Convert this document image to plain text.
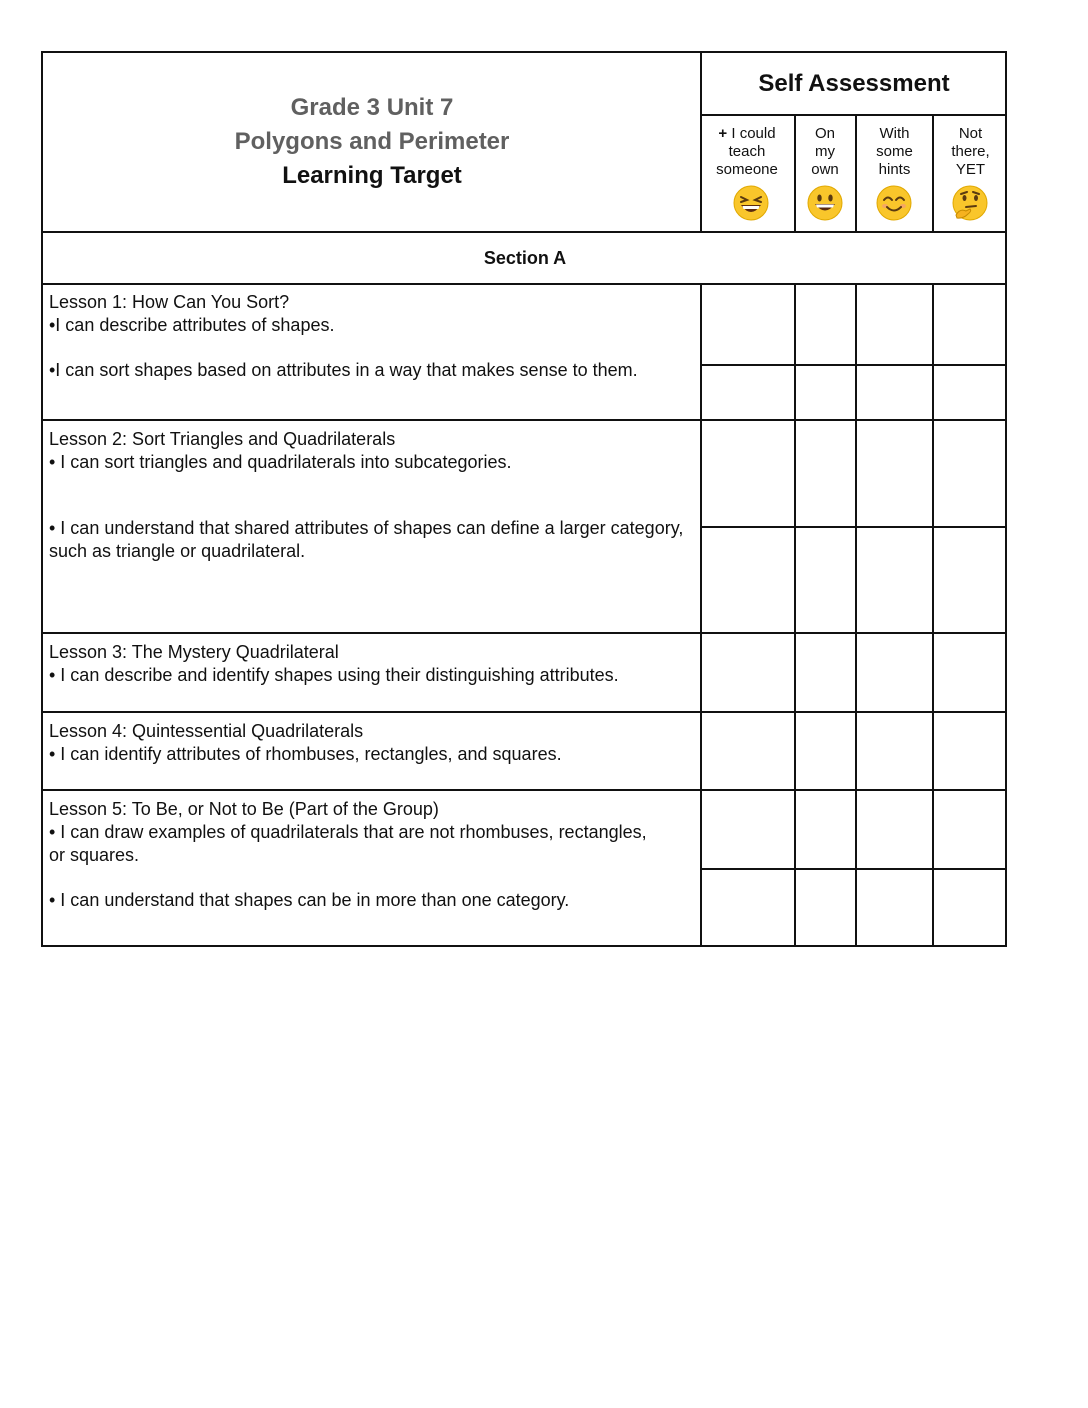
Grade 3 Unit 7
Polygons and Perimeter
Learning Target
Self Assessment
+ I could
teach
someone
On
my
own
With
some
hints
Not
there,
YET
Section A
Lesson 1: How Can You Sort?
•I can describe attributes of shapes.
•I can sort shapes based on attributes in a way that makes sense to them.
Lesson 2: Sort Triangles and Quadrilaterals
• I can sort triangles and quadrilaterals into subcategories.
• I can understand that shared attributes of shapes can define a larger category, such as triangle or quadrilateral.
Lesson 3: The Mystery Quadrilateral
• I can describe and identify shapes using their distinguishing attributes.
Lesson 4: Quintessential Quadrilaterals
• I can identify attributes of rhombuses, rectangles, and squares.
Lesson 5: To Be, or Not to Be (Part of the Group)
• I can draw examples of quadrilaterals that are not rhombuses, rectangles, or squares.
• I can understand that shapes can be in more than one category.
